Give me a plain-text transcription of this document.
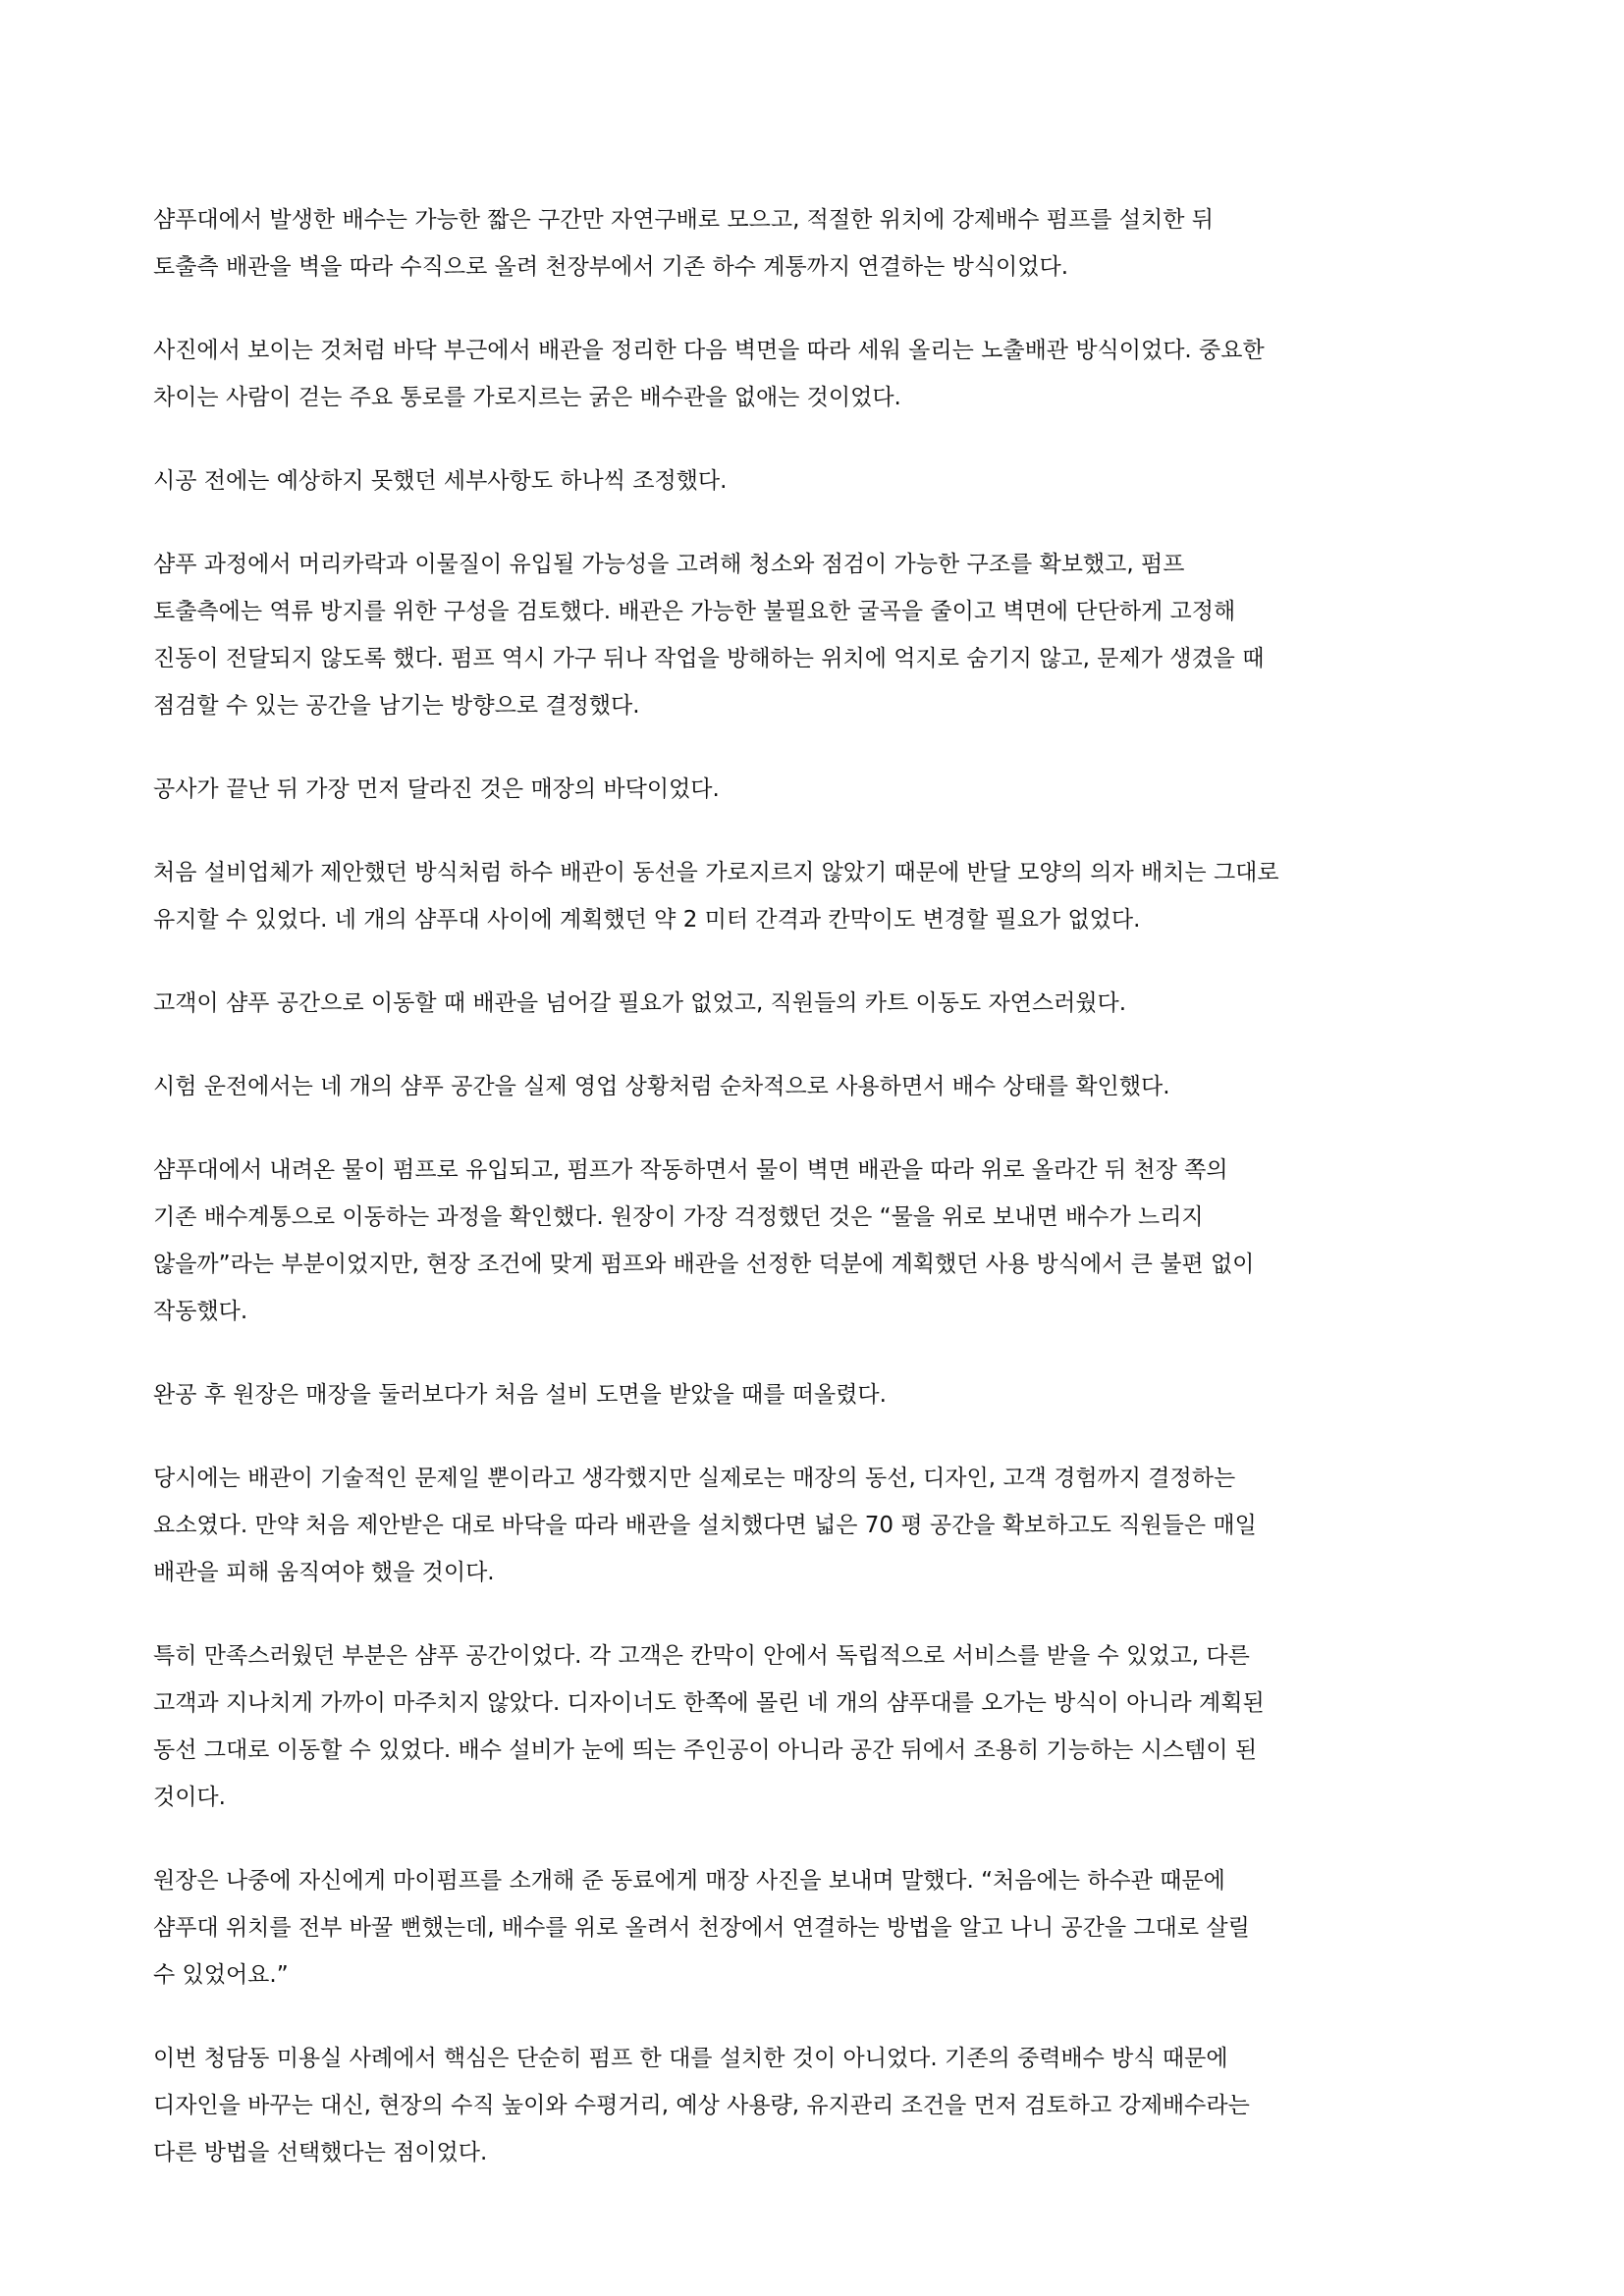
샴푸대에서 발생한 배수는 가능한 짧은 구간만 자연구배로 모으고, 적절한 위치에 강제배수 펌프를 설치한 뒤
토출측 배관을 벽을 따라 수직으로 올려 천장부에서 기존 하수 계통까지 연결하는 방식이었다.

사진에서 보이는 것처럼 바닥 부근에서 배관을 정리한 다음 벽면을 따라 세워 올리는 노출배관 방식이었다. 중요한
차이는 사람이 걷는 주요 통로를 가로지르는 굵은 배수관을 없애는 것이었다.

시공 전에는 예상하지 못했던 세부사항도 하나씩 조정했다.

샴푸 과정에서 머리카락과 이물질이 유입될 가능성을 고려해 청소와 점검이 가능한 구조를 확보했고, 펌프
토출측에는 역류 방지를 위한 구성을 검토했다. 배관은 가능한 불필요한 굴곡을 줄이고 벽면에 단단하게 고정해
진동이 전달되지 않도록 했다. 펌프 역시 가구 뒤나 작업을 방해하는 위치에 억지로 숨기지 않고, 문제가 생겼을 때
점검할 수 있는 공간을 남기는 방향으로 결정했다.

공사가 끝난 뒤 가장 먼저 달라진 것은 매장의 바닥이었다.

처음 설비업체가 제안했던 방식처럼 하수 배관이 동선을 가로지르지 않았기 때문에 반달 모양의 의자 배치는 그대로
유지할 수 있었다. 네 개의 샴푸대 사이에 계획했던 약 2 미터 간격과 칸막이도 변경할 필요가 없었다.

고객이 샴푸 공간으로 이동할 때 배관을 넘어갈 필요가 없었고, 직원들의 카트 이동도 자연스러웠다.

시험 운전에서는 네 개의 샴푸 공간을 실제 영업 상황처럼 순차적으로 사용하면서 배수 상태를 확인했다.

샴푸대에서 내려온 물이 펌프로 유입되고, 펌프가 작동하면서 물이 벽면 배관을 따라 위로 올라간 뒤 천장 쪽의
기존 배수계통으로 이동하는 과정을 확인했다. 원장이 가장 걱정했던 것은 “물을 위로 보내면 배수가 느리지
않을까”라는 부분이었지만, 현장 조건에 맞게 펌프와 배관을 선정한 덕분에 계획했던 사용 방식에서 큰 불편 없이
작동했다.

완공 후 원장은 매장을 둘러보다가 처음 설비 도면을 받았을 때를 떠올렸다.

당시에는 배관이 기술적인 문제일 뿐이라고 생각했지만 실제로는 매장의 동선, 디자인, 고객 경험까지 결정하는
요소였다. 만약 처음 제안받은 대로 바닥을 따라 배관을 설치했다면 넓은 70 평 공간을 확보하고도 직원들은 매일
배관을 피해 움직여야 했을 것이다.

특히 만족스러웠던 부분은 샴푸 공간이었다. 각 고객은 칸막이 안에서 독립적으로 서비스를 받을 수 있었고, 다른
고객과 지나치게 가까이 마주치지 않았다. 디자이너도 한쪽에 몰린 네 개의 샴푸대를 오가는 방식이 아니라 계획된
동선 그대로 이동할 수 있었다. 배수 설비가 눈에 띄는 주인공이 아니라 공간 뒤에서 조용히 기능하는 시스템이 된
것이다.

원장은 나중에 자신에게 마이펌프를 소개해 준 동료에게 매장 사진을 보내며 말했다. “처음에는 하수관 때문에
샴푸대 위치를 전부 바꿀 뻔했는데, 배수를 위로 올려서 천장에서 연결하는 방법을 알고 나니 공간을 그대로 살릴
수 있었어요.”

이번 청담동 미용실 사례에서 핵심은 단순히 펌프 한 대를 설치한 것이 아니었다. 기존의 중력배수 방식 때문에
디자인을 바꾸는 대신, 현장의 수직 높이와 수평거리, 예상 사용량, 유지관리 조건을 먼저 검토하고 강제배수라는
다른 방법을 선택했다는 점이었다.
